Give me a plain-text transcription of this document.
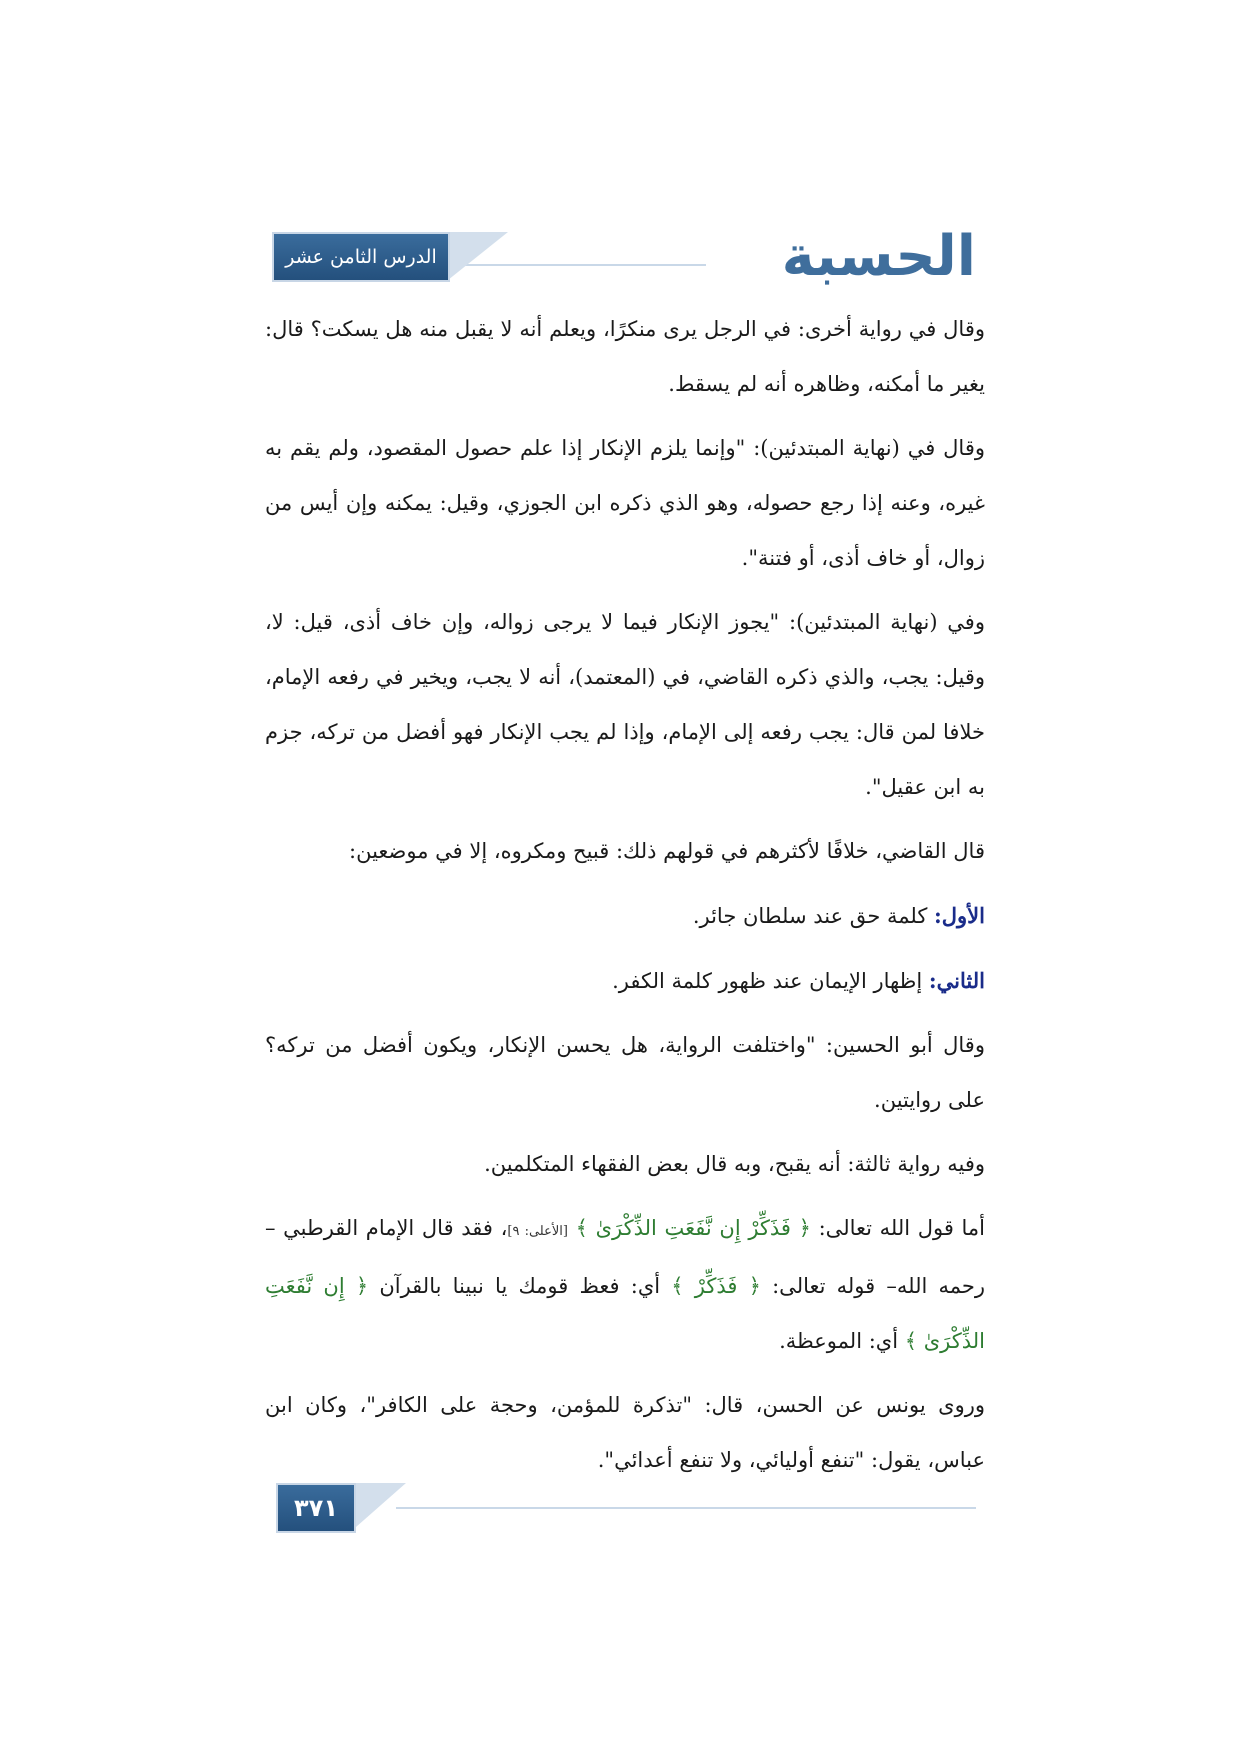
الدرس الثامن عشر	الحسبة

وقال في رواية أخرى: في الرجل يرى منكرًا، ويعلم أنه لا يقبل منه هل يسكت؟ قال: يغير ما أمكنه، وظاهره أنه لم يسقط.

وقال في (نهاية المبتدئين): "وإنما يلزم الإنكار إذا علم حصول المقصود، ولم يقم به غيره، وعنه إذا رجع حصوله، وهو الذي ذكره ابن الجوزي، وقيل: يمكنه وإن أيس من زوال، أو خاف أذى، أو فتنة".

وفي (نهاية المبتدئين): "يجوز الإنكار فيما لا يرجى زواله، وإن خاف أذى، قيل: لا، وقيل: يجب، والذي ذكره القاضي، في (المعتمد)، أنه لا يجب، ويخير في رفعه الإمام، خلافا لمن قال: يجب رفعه إلى الإمام، وإذا لم يجب الإنكار فهو أفضل من تركه، جزم به ابن عقيل".

قال القاضي، خلافًا لأكثرهم في قولهم ذلك: قبيح ومكروه، إلا في موضعين:

الأول: كلمة حق عند سلطان جائر.

الثاني: إظهار الإيمان عند ظهور كلمة الكفر.

وقال أبو الحسين: "واختلفت الرواية، هل يحسن الإنكار، ويكون أفضل من تركه؟ على روايتين.

وفيه رواية ثالثة: أنه يقبح، وبه قال بعض الفقهاء المتكلمين.

أما قول الله تعالى: ﴿ فَذَكِّرْ إِن نَّفَعَتِ الذِّكْرَىٰ ﴾ [الأعلى: ٩]، فقد قال الإمام القرطبي –رحمه الله– قوله تعالى: ﴿ فَذَكِّرْ ﴾ أي: فعظ قومك يا نبينا بالقرآن ﴿ إِن نَّفَعَتِ الذِّكْرَىٰ ﴾ أي: الموعظة.

وروى يونس عن الحسن، قال: "تذكرة للمؤمن، وحجة على الكافر"، وكان ابن عباس، يقول: "تنفع أوليائي، ولا تنفع أعدائي".

٣٧١
